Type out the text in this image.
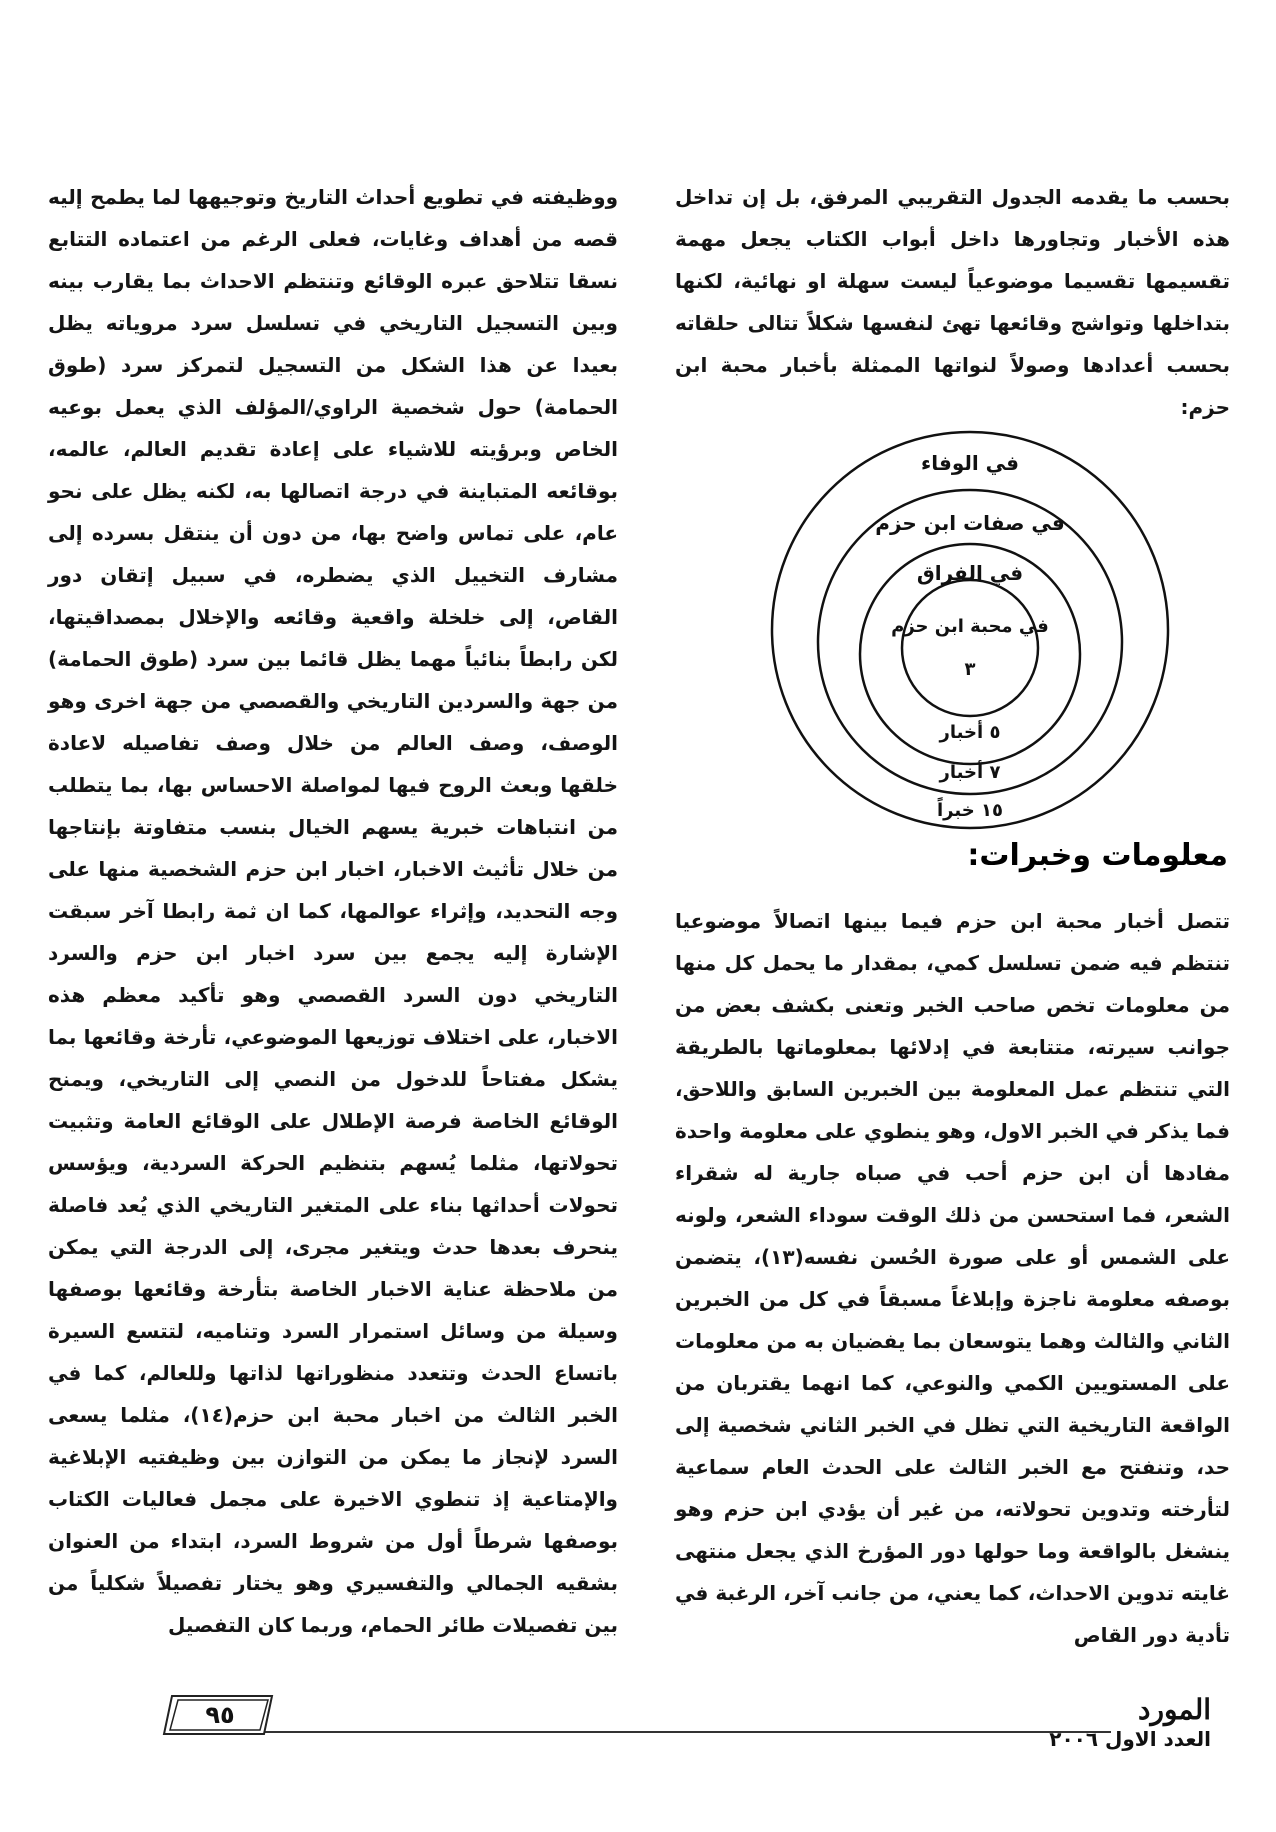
بحسب ما يقدمه الجدول التقريبي المرفق، بل إن تداخل هذه الأخبار وتجاورها داخل أبواب الكتاب يجعل مهمة تقسيمها تقسيما موضوعياً ليست سهلة او نهائية، لكنها بتداخلها وتواشج وقائعها تهئ لنفسها شكلاً تتالى حلقاته بحسب أعدادها وصولاً لنواتها الممثلة بأخبار محبة ابن حزم:

في الوفاء
في صفات ابن حزم
في الفراق
في محبة ابن حزم
٣
٥ أخبار
٧ أخبار
١٥ خبراً
معلومات وخبرات:

تتصل أخبار محبة ابن حزم فيما بينها اتصالاً موضوعيا تنتظم فيه ضمن تسلسل كمي، بمقدار ما يحمل كل منها من معلومات تخص صاحب الخبر وتعنى بكشف بعض من جوانب سيرته، متتابعة في إدلائها بمعلوماتها بالطريقة التي تنتظم عمل المعلومة بين الخبرين السابق واللاحق، فما يذكر في الخبر الاول، وهو ينطوي على معلومة واحدة مفادها أن ابن حزم أحب في صباه جارية له شقراء الشعر، فما استحسن من ذلك الوقت سوداء الشعر، ولونه على الشمس أو على صورة الحُسن نفسه(١٣)، يتضمن بوصفه معلومة ناجزة وإبلاغاً مسبقاً في كل من الخبرين الثاني والثالث وهما يتوسعان بما يفضيان به من معلومات على المستويين الكمي والنوعي، كما انهما يقتربان من الواقعة التاريخية التي تظل في الخبر الثاني شخصية إلى حد، وتنفتح مع الخبر الثالث على الحدث العام سماعية لتأرخته وتدوين تحولاته، من غير أن يؤدي ابن حزم وهو ينشغل بالواقعة وما حولها دور المؤرخ الذي يجعل منتهى غايته تدوين الاحداث، كما يعني، من جانب آخر، الرغبة في تأدية دور القاص

ووظيفته في تطويع أحداث التاريخ وتوجيهها لما يطمح إليه قصه من أهداف وغايات، فعلى الرغم من اعتماده التتابع نسقا تتلاحق عبره الوقائع وتنتظم الاحداث بما يقارب بينه وبين التسجيل التاريخي في تسلسل سرد مروياته يظل بعيدا عن هذا الشكل من التسجيل لتمركز سرد (طوق الحمامة) حول شخصية الراوي/المؤلف الذي يعمل بوعيه الخاص وبرؤيته للاشياء على إعادة تقديم العالم، عالمه، بوقائعه المتباينة في درجة اتصالها به، لكنه يظل على نحو عام، على تماس واضح بها، من دون أن ينتقل بسرده إلى مشارف التخييل الذي يضطره، في سبيل إتقان دور القاص، إلى خلخلة واقعية وقائعه والإخلال بمصداقيتها، لكن رابطاً بنائياً مهما يظل قائما بين سرد (طوق الحمامة) من جهة والسردين التاريخي والقصصي من جهة اخرى وهو الوصف، وصف العالم من خلال وصف تفاصيله لاعادة خلقها وبعث الروح فيها لمواصلة الاحساس بها، بما يتطلب من انتباهات خبرية يسهم الخيال بنسب متفاوتة بإنتاجها من خلال تأثيث الاخبار، اخبار ابن حزم الشخصية منها على وجه التحديد، وإثراء عوالمها، كما ان ثمة رابطا آخر سبقت الإشارة إليه يجمع بين سرد اخبار ابن حزم والسرد التاريخي دون السرد القصصي وهو تأكيد معظم هذه الاخبار، على اختلاف توزيعها الموضوعي، تأرخة وقائعها بما يشكل مفتاحاً للدخول من النصي إلى التاريخي، ويمنح الوقائع الخاصة فرصة الإطلال على الوقائع العامة وتثبيت تحولاتها، مثلما يُسهم بتنظيم الحركة السردية، ويؤسس تحولات أحداثها بناء على المتغير التاريخي الذي يُعد فاصلة ينحرف بعدها حدث ويتغير مجرى، إلى الدرجة التي يمكن من ملاحظة عناية الاخبار الخاصة بتأرخة وقائعها بوصفها وسيلة من وسائل استمرار السرد وتناميه، لتتسع السيرة باتساع الحدث وتتعدد منظوراتها لذاتها وللعالم، كما في الخبر الثالث من اخبار محبة ابن حزم(١٤)، مثلما يسعى السرد لإنجاز ما يمكن من التوازن بين وظيفتيه الإبلاغية والإمتاعية إذ تنطوي الاخيرة على مجمل فعاليات الكتاب بوصفها شرطاً أول من شروط السرد، ابتداء من العنوان بشقيه الجمالي والتفسيري وهو يختار تفصيلاً شكلياً من بين تفصيلات طائر الحمام، وربما كان التفصيل

٩٥	المورد
العدد الاول ٢٠٠٦
